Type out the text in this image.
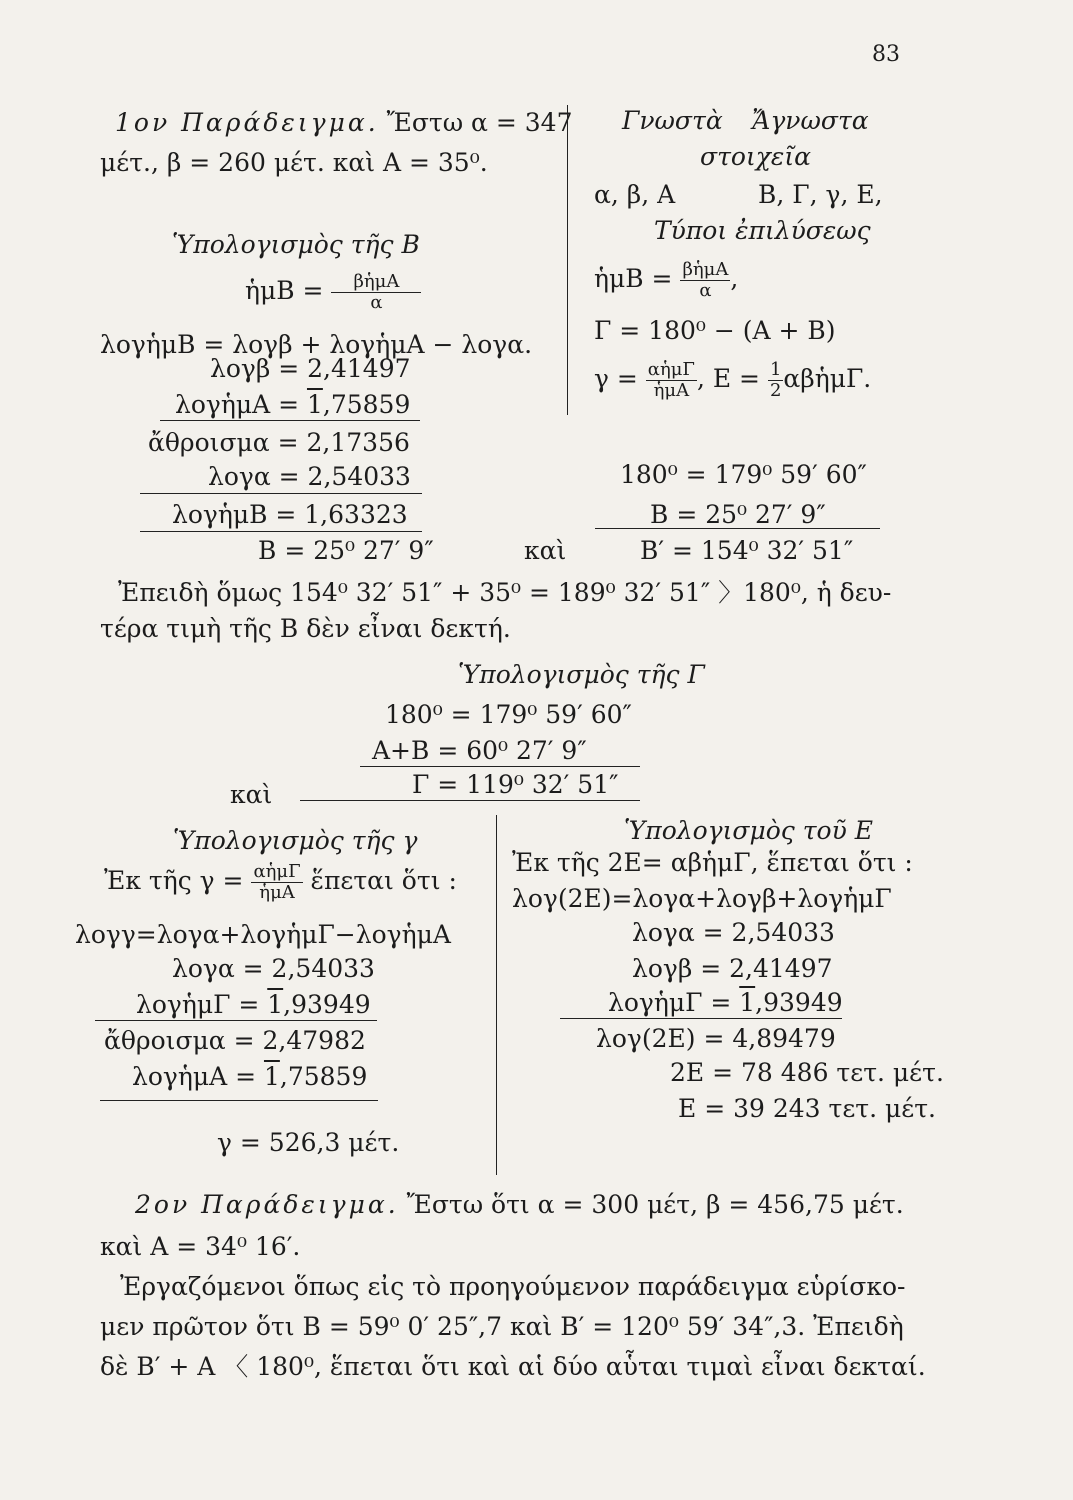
83
1ον Παράδειγμα. Ἔστω α = 347
μέτ., β = 260 μέτ. καὶ Α = 35⁰.
Γνωστὰ Ἄγνωστα
στοιχεῖα
α, β, Α	Β, Γ, γ, Ε,
Τύποι ἐπιλύσεως
ἡμΒ = $\frac{\text{βἡμΑ}}{\alpha}$ ,
Γ = 180⁰ − (Α + Β)
$\gamma = \frac{\text{αἡμΓ}}{\text{ἡμΑ}}$ , $E = \frac{1}{2}$ αβἡμΓ.
Ὑπολογισμὸς τῆς Β
ἡμΒ = $\frac{\text{βἡμΑ}}{\alpha}$
λογἡμΒ = λογβ + λογἡμΑ − λογα.
λογβ = 2,41497
λογἡμΑ = 1,75859
ἄθροισμα = 2,17356
λογα = 2,54033
λογἡμΒ = 1,63323
Β = 25⁰ 27′ 9″	καὶ
180⁰ = 179⁰ 59′ 60″
Β = 25⁰ 27′ 9″
Β′ = 154⁰ 32′ 51″
Ἐπειδὴ ὅμως 154⁰ 32′ 51″ + 35⁰ = 189⁰ 32′ 51″ 〉180⁰, ἡ δευ-
τέρα τιμὴ τῆς Β δὲν εἶναι δεκτή.
Ὑπολογισμὸς τῆς Γ
180⁰ = 179⁰ 59′ 60″
Α+Β = 60⁰ 27′ 9″
καὶ	Γ = 119⁰ 32′ 51″
Ὑπολογισμὸς τῆς γ
Ἐκ τῆς $\gamma = \frac{\text{αἡμΓ}}{\text{ἡμΑ}}$ ἕπεται ὅτι :
λογγ=λογα+λογἡμΓ−λογἡμΑ
λογα = 2,54033
λογἡμΓ = 1,93949
ἄθροισμα = 2,47982
λογἡμΑ = 1,75859
γ = 526,3 μέτ.
Ὑπολογισμὸς τοῦ Ε
Ἐκ τῆς 2Ε= αβἡμΓ, ἕπεται ὅτι :
λογ(2Ε)=λογα+λογβ+λογἡμΓ
λογα = 2,54033
λογβ = 2,41497
λογἡμΓ = 1,93949
λογ(2Ε) = 4,89479
2Ε = 78 486 τετ. μέτ.
Ε = 39 243 τετ. μέτ.
2ον Παράδειγμα. Ἔστω ὅτι α = 300 μέτ, β = 456,75 μέτ.
καὶ Α = 34⁰ 16′.
Ἐργαζόμενοι ὅπως εἰς τὸ προηγούμενον παράδειγμα εὑρίσκο-
μεν πρῶτον ὅτι Β = 59⁰ 0′ 25″,7 καὶ Β′ = 120⁰ 59′ 34″,3. Ἐπειδὴ
δὲ Β′ + Α 〈 180⁰, ἕπεται ὅτι καὶ αἱ δύο αὗται τιμαὶ εἶναι δεκταί.
